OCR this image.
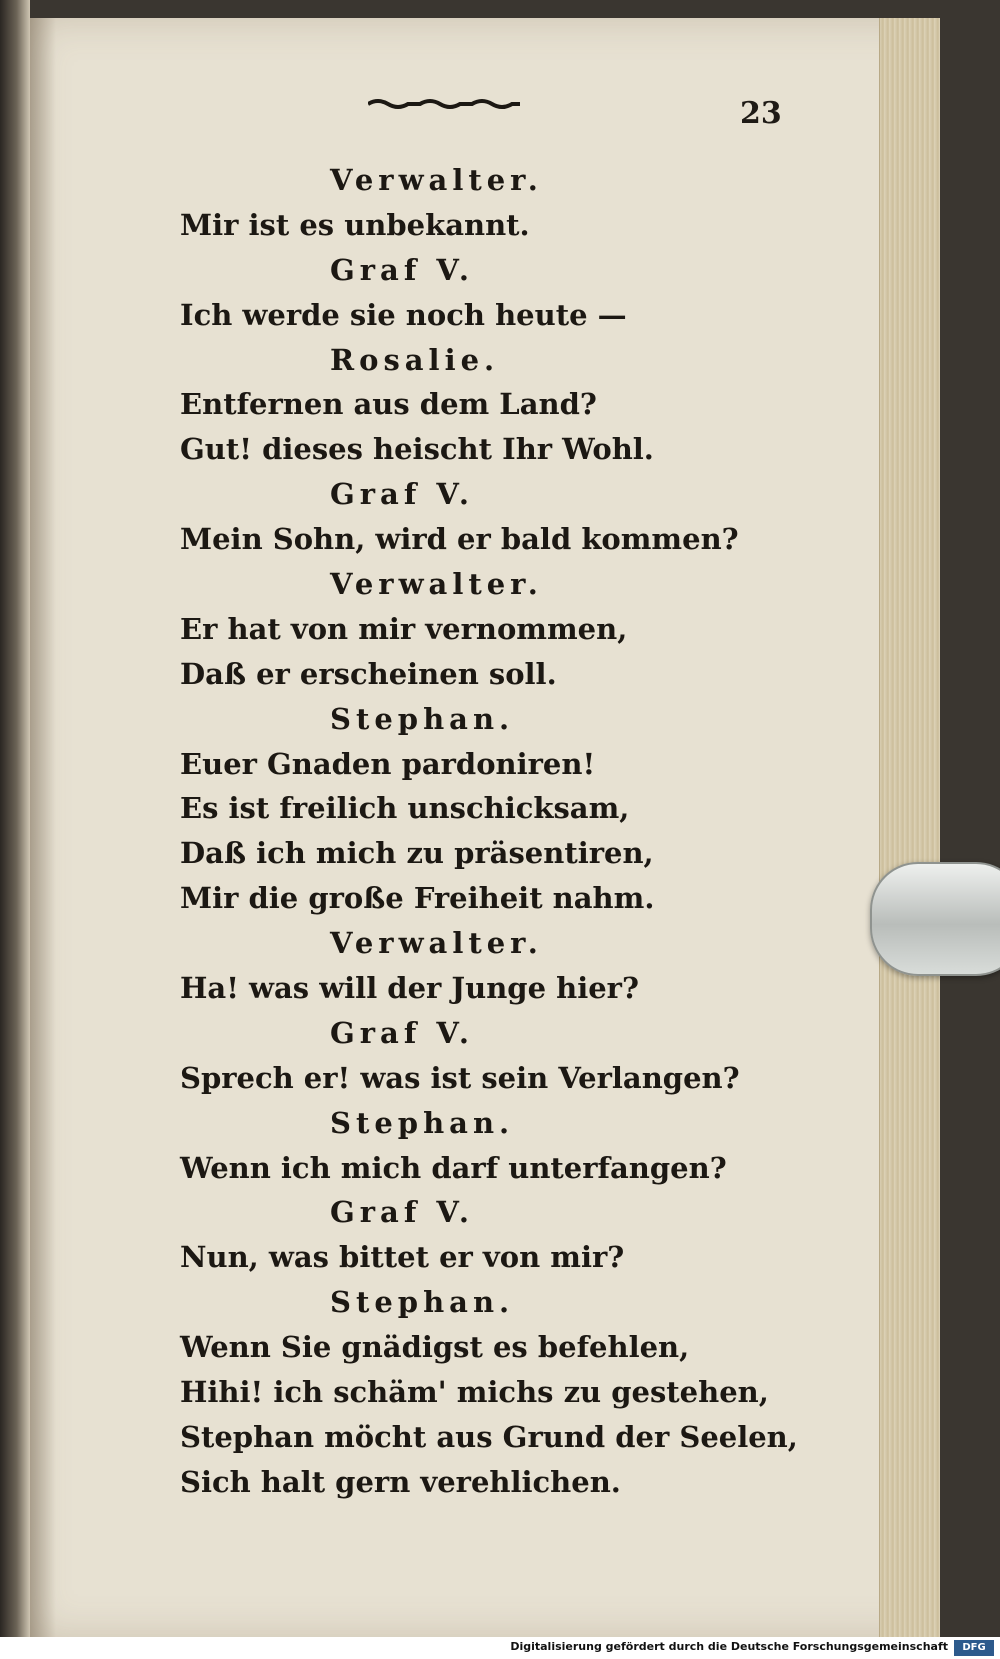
23
Verwalter.
Mir ist es unbekannt.
Graf V.
Ich werde sie noch heute —
Rosalie.
Entfernen aus dem Land?
Gut! dieses heischt Ihr Wohl.
Graf V.
Mein Sohn, wird er bald kommen?
Verwalter.
Er hat von mir vernommen,
Daß er erscheinen soll.
Stephan.
Euer Gnaden pardoniren!
Es ist freilich unschicksam,
Daß ich mich zu präsentiren,
Mir die große Freiheit nahm.
Verwalter.
Ha! was will der Junge hier?
Graf V.
Sprech er! was ist sein Verlangen?
Stephan.
Wenn ich mich darf unterfangen?
Graf V.
Nun, was bittet er von mir?
Stephan.
Wenn Sie gnädigst es befehlen,
Hihi! ich schäm' michs zu gestehen,
Stephan möcht aus Grund der Seelen,
Sich halt gern verehlichen.
Digitalisierung gefördert durch die Deutsche Forschungsgemeinschaft	DFG
